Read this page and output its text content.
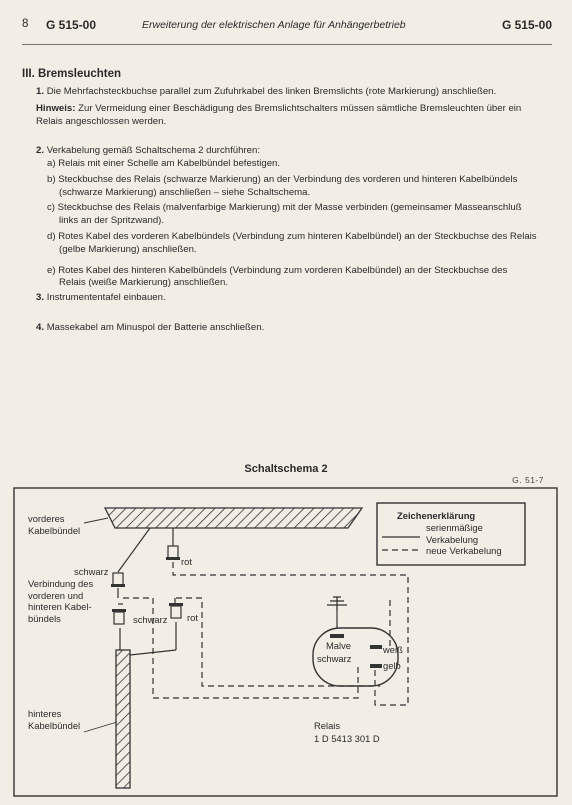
8 G 515-00	Erweiterung der elektrischen Anlage für Anhängerbetrieb	G 515-00
III. Bremsleuchten
1. Die Mehrfachsteckbuchse parallel zum Zufuhrkabel des linken Bremslichts (rote Markierung) anschließen.
Hinweis: Zur Vermeidung einer Beschädigung des Bremslichtschalters müssen sämtliche Bremsleuchten über ein
Relais angeschlossen werden.
2. Verkabelung gemäß Schaltschema 2 durchführen:
a) Relais mit einer Schelle am Kabelbündel befestigen.
b) Steckbuchse des Relais (schwarze Markierung) an der Verbindung des vorderen und hinteren Kabelbündels
(schwarze Markierung) anschließen – siehe Schaltschema.
c) Steckbuchse des Relais (malvenfarbige Markierung) mit der Masse verbinden (gemeinsamer Masseanschluß
links an der Spritzwand).
d) Rotes Kabel des vorderen Kabelbündels (Verbindung zum hinteren Kabelbündel) an der Steckbuchse des Relais
(gelbe Markierung) anschließen.
e) Rotes Kabel des hinteren Kabelbündels (Verbindung zum vorderen Kabelbündel) an der Steckbuchse des
Relais (weiße Markierung) anschließen.
3. Instrumententafel einbauen.
4. Massekabel am Minuspol der Batterie anschließen.
Schaltschema 2
G. 51-7
vorderes
Kabelbündel
rot
schwarz
Verbindung des
vorderen und
hinteren Kabel-
bündels	schwarz rot
hinteres
Kabelbündel
Malve
schwarz
weiß
gelb
Relais
1 D 5413 301 D
Zeichenerklärung
serienmäßige
Verkabelung
neue Verkabelung
